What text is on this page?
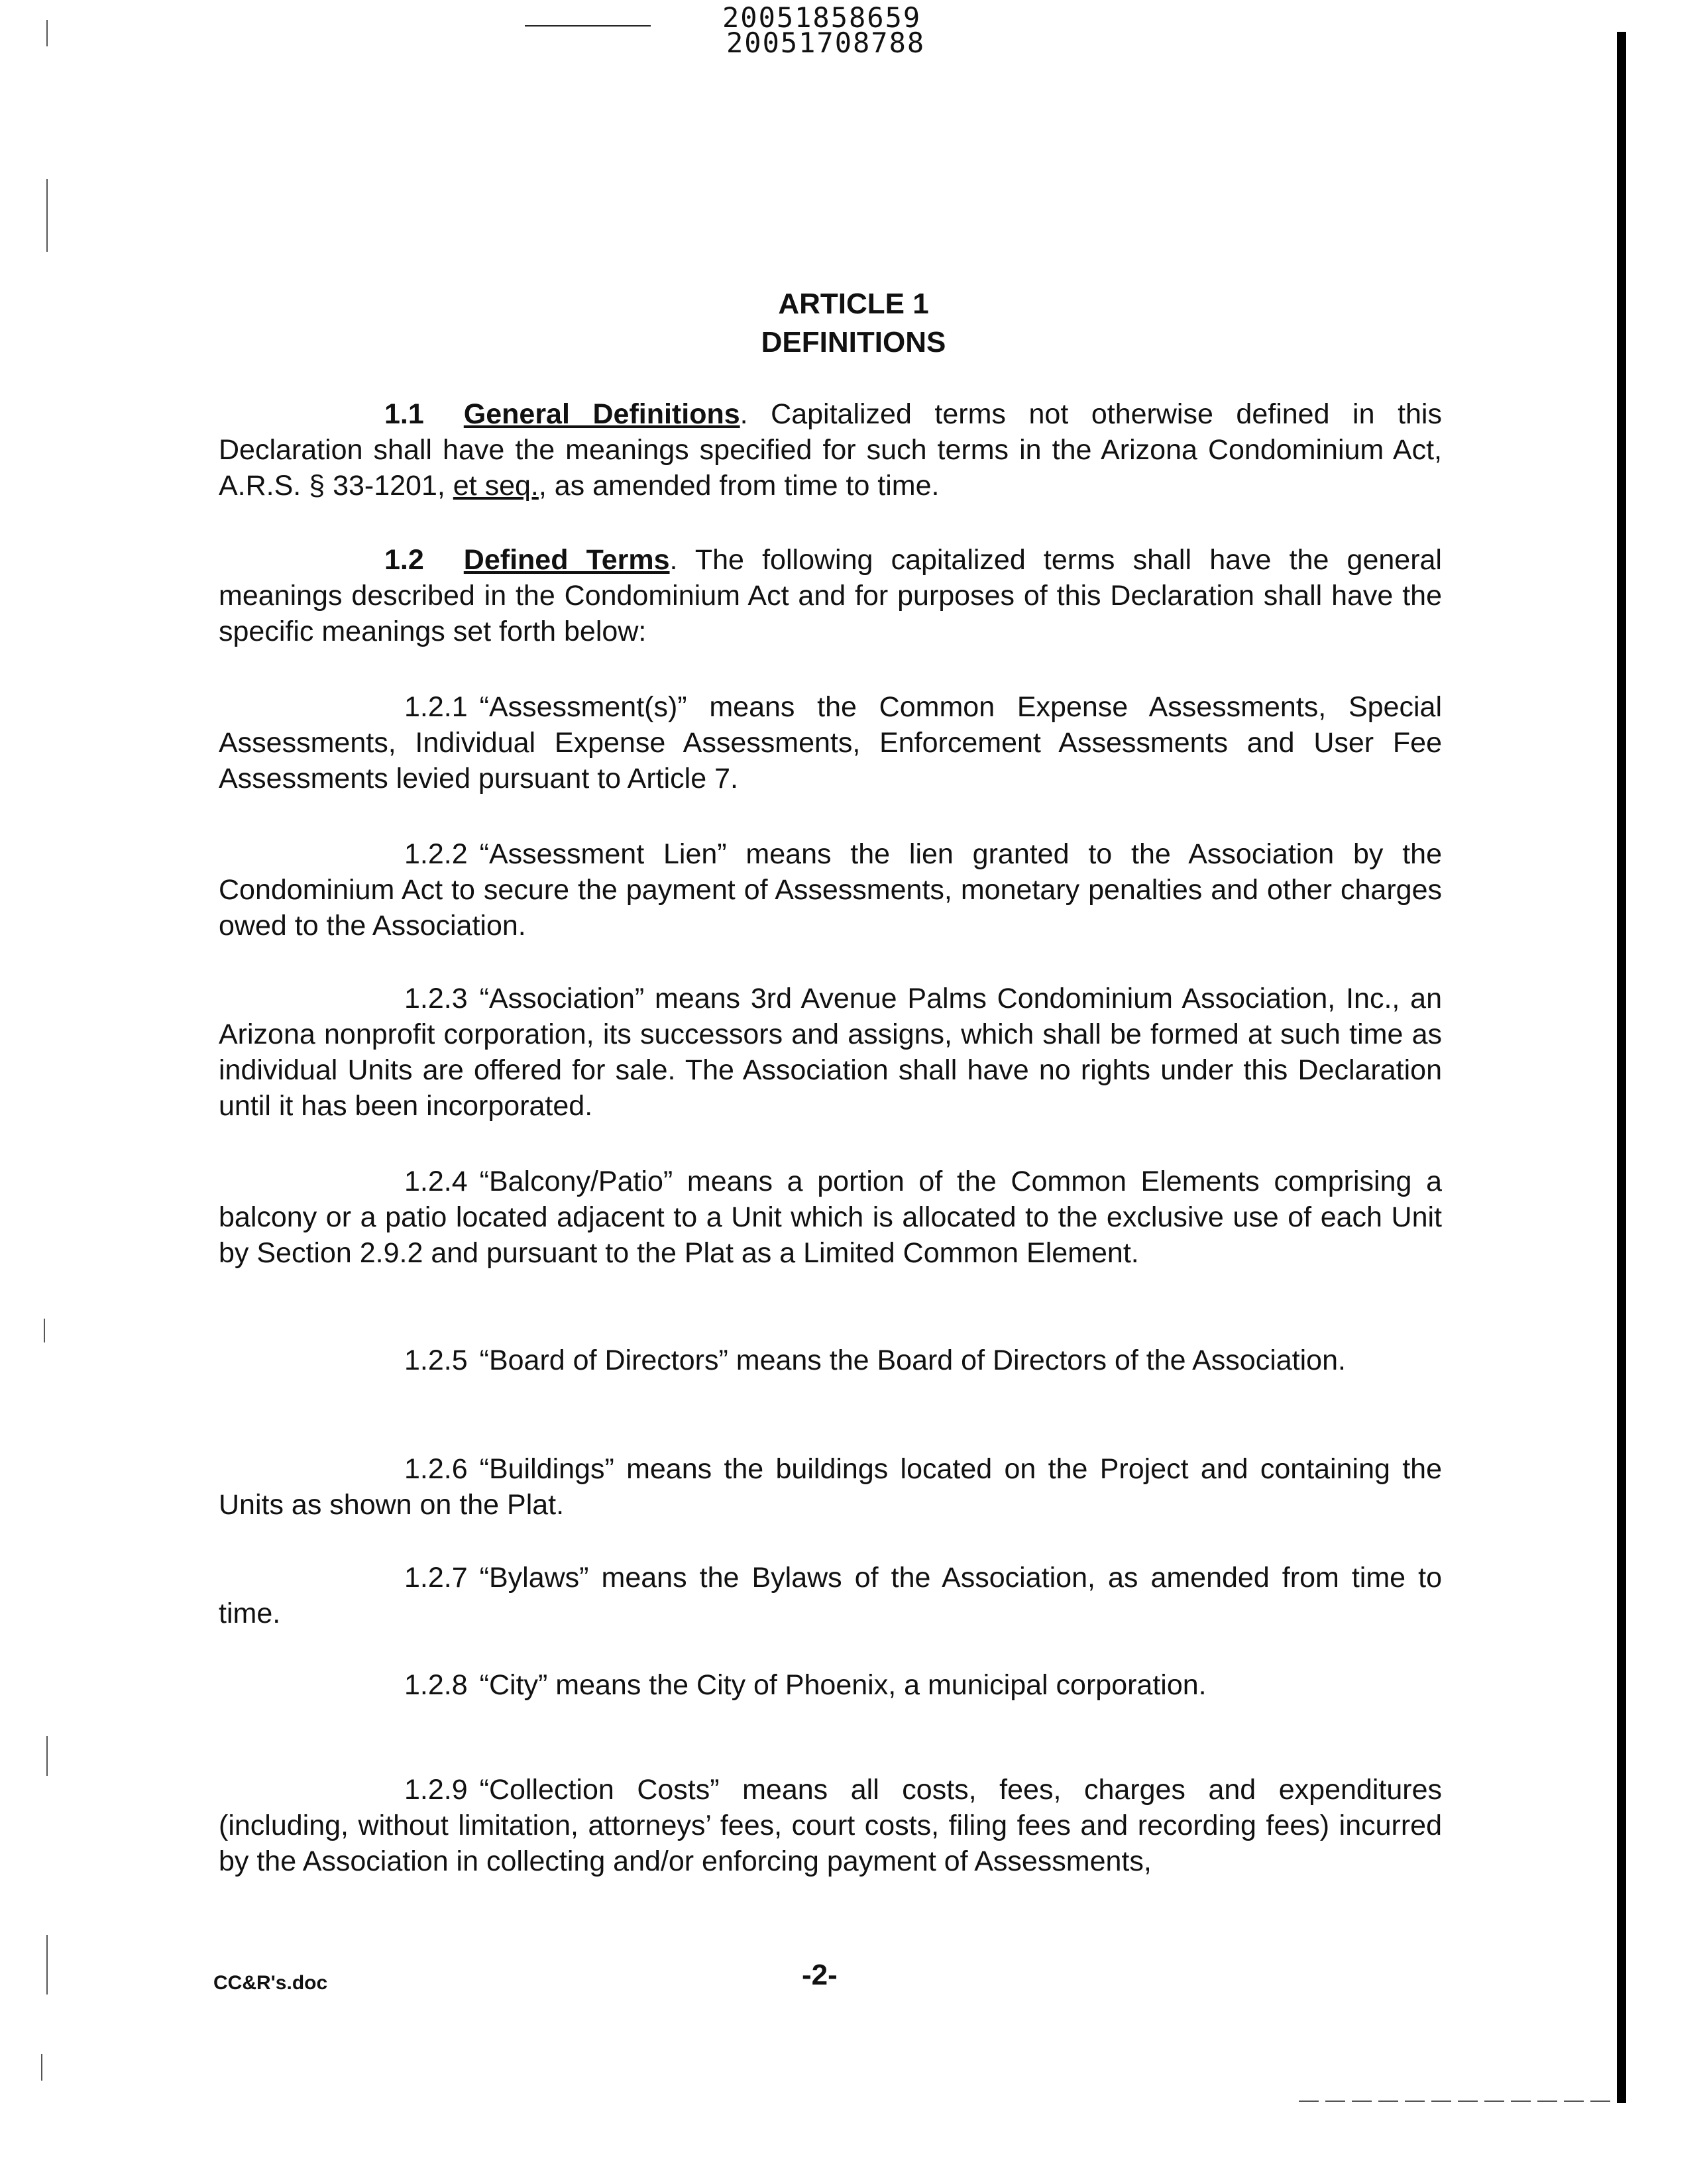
20051858659
20051708788
ARTICLE 1
DEFINITIONS

1.1 General Definitions. Capitalized terms not otherwise defined in this Declaration shall have the meanings specified for such terms in the Arizona Condominium Act, A.R.S. § 33-1201, et seq., as amended from time to time.

1.2 Defined Terms. The following capitalized terms shall have the general meanings described in the Condominium Act and for purposes of this Declaration shall have the specific meanings set forth below:

1.2.1 “Assessment(s)” means the Common Expense Assessments, Special Assessments, Individual Expense Assessments, Enforcement Assessments and User Fee Assessments levied pursuant to Article 7.

1.2.2 “Assessment Lien” means the lien granted to the Association by the Condominium Act to secure the payment of Assessments, monetary penalties and other charges owed to the Association.

1.2.3 “Association” means 3rd Avenue Palms Condominium Association, Inc., an Arizona nonprofit corporation, its successors and assigns, which shall be formed at such time as individual Units are offered for sale. The Association shall have no rights under this Declaration until it has been incorporated.

1.2.4 “Balcony/Patio” means a portion of the Common Elements comprising a balcony or a patio located adjacent to a Unit which is allocated to the exclusive use of each Unit by Section 2.9.2 and pursuant to the Plat as a Limited Common Element.

1.2.5 “Board of Directors” means the Board of Directors of the Association.

1.2.6 “Buildings” means the buildings located on the Project and containing the Units as shown on the Plat.

1.2.7 “Bylaws” means the Bylaws of the Association, as amended from time to time.

1.2.8 “City” means the City of Phoenix, a municipal corporation.

1.2.9 “Collection Costs” means all costs, fees, charges and expenditures (including, without limitation, attorneys’ fees, court costs, filing fees and recording fees) incurred by the Association in collecting and/or enforcing payment of Assessments,

CC&R's.doc	-2-
